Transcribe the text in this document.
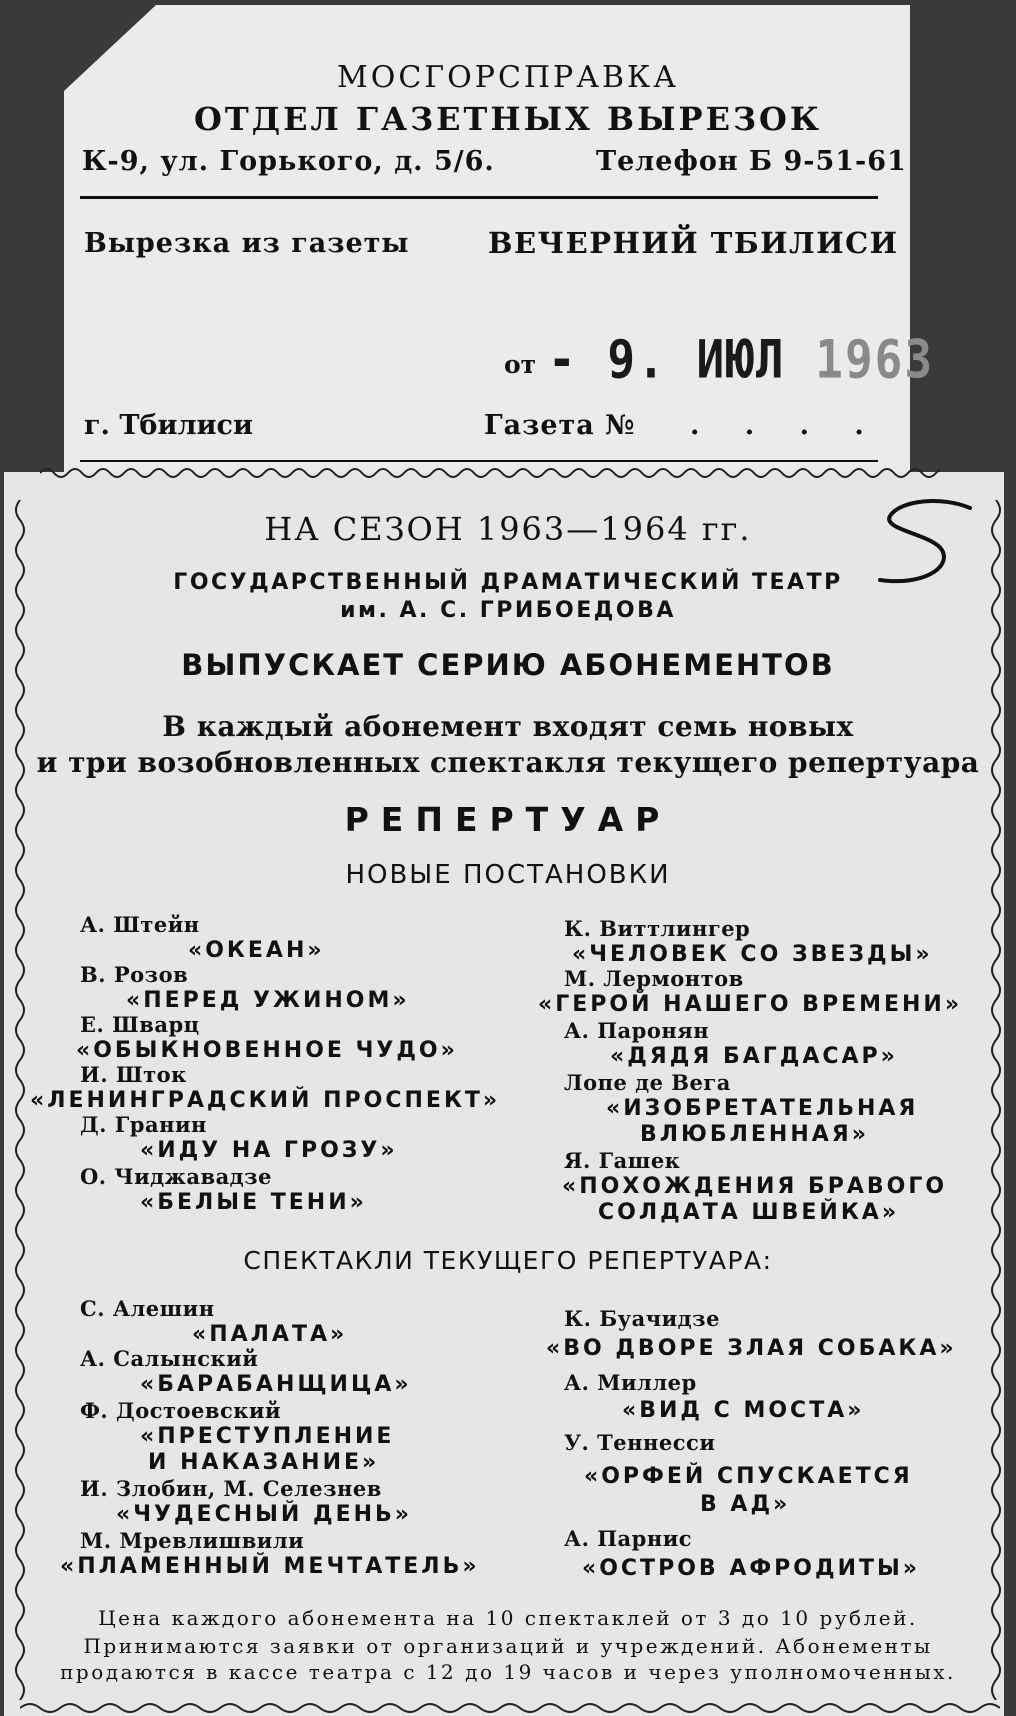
МОСГОРСПРАВКА
ОТДЕЛ ГАЗЕТНЫХ ВЫРЕЗОК
К-9, ул. Горького, д. 5/6.	Телефон Б 9-51-61
Вырезка из газеты	ВЕЧЕРНИЙ ТБИЛИСИ
от - 9. ИЮЛ 1963
г. Тбилиси	Газета № . . . .
НА СЕЗОН 1963—1964 гг.
ГОСУДАРСТВЕННЫЙ ДРАМАТИЧЕСКИЙ ТЕАТР
им. А. С. ГРИБОЕДОВА
ВЫПУСКАЕТ СЕРИЮ АБОНЕМЕНТОВ
В каждый абонемент входят семь новых
и три возобновленных спектакля текущего репертуара
РЕПЕРТУАР
НОВЫЕ ПОСТАНОВКИ
А. Штейн
«ОКЕАН»
В. Розов
«ПЕРЕД УЖИНОМ»
Е. Шварц
«ОБЫКНОВЕННОЕ ЧУДО»
И. Шток
«ЛЕНИНГРАДСКИЙ ПРОСПЕКТ»
Д. Гранин
«ИДУ НА ГРОЗУ»
О. Чиджавадзе
«БЕЛЫЕ ТЕНИ»
К. Виттлингер
«ЧЕЛОВЕК СО ЗВЕЗДЫ»
М. Лермонтов
«ГЕРОЙ НАШЕГО ВРЕМЕНИ»
А. Паронян
«ДЯДЯ БАГДАСАР»
Лопе де Вега
«ИЗОБРЕТАТЕЛЬНАЯ
ВЛЮБЛЕННАЯ»
Я. Гашек
«ПОХОЖДЕНИЯ БРАВОГО
СОЛДАТА ШВЕЙКА»
СПЕКТАКЛИ ТЕКУЩЕГО РЕПЕРТУАРА:
С. Алешин
«ПАЛАТА»
А. Салынский
«БАРАБАНЩИЦА»
Ф. Достоевский
«ПРЕСТУПЛЕНИЕ
И НАКАЗАНИЕ»
И. Злобин, М. Селезнев
«ЧУДЕСНЫЙ ДЕНЬ»
М. Мревлишвили
«ПЛАМЕННЫЙ МЕЧТАТЕЛЬ»
К. Буачидзе
«ВО ДВОРЕ ЗЛАЯ СОБАКА»
А. Миллер
«ВИД С МОСТА»
У. Теннесси
«ОРФЕЙ СПУСКАЕТСЯ
В АД»
А. Парнис
«ОСТРОВ АФРОДИТЫ»
Цена каждого абонемента на 10 спектаклей от 3 до 10 рублей.
Принимаются заявки от организаций и учреждений. Абонементы
продаются в кассе театра с 12 до 19 часов и через уполномоченных.
